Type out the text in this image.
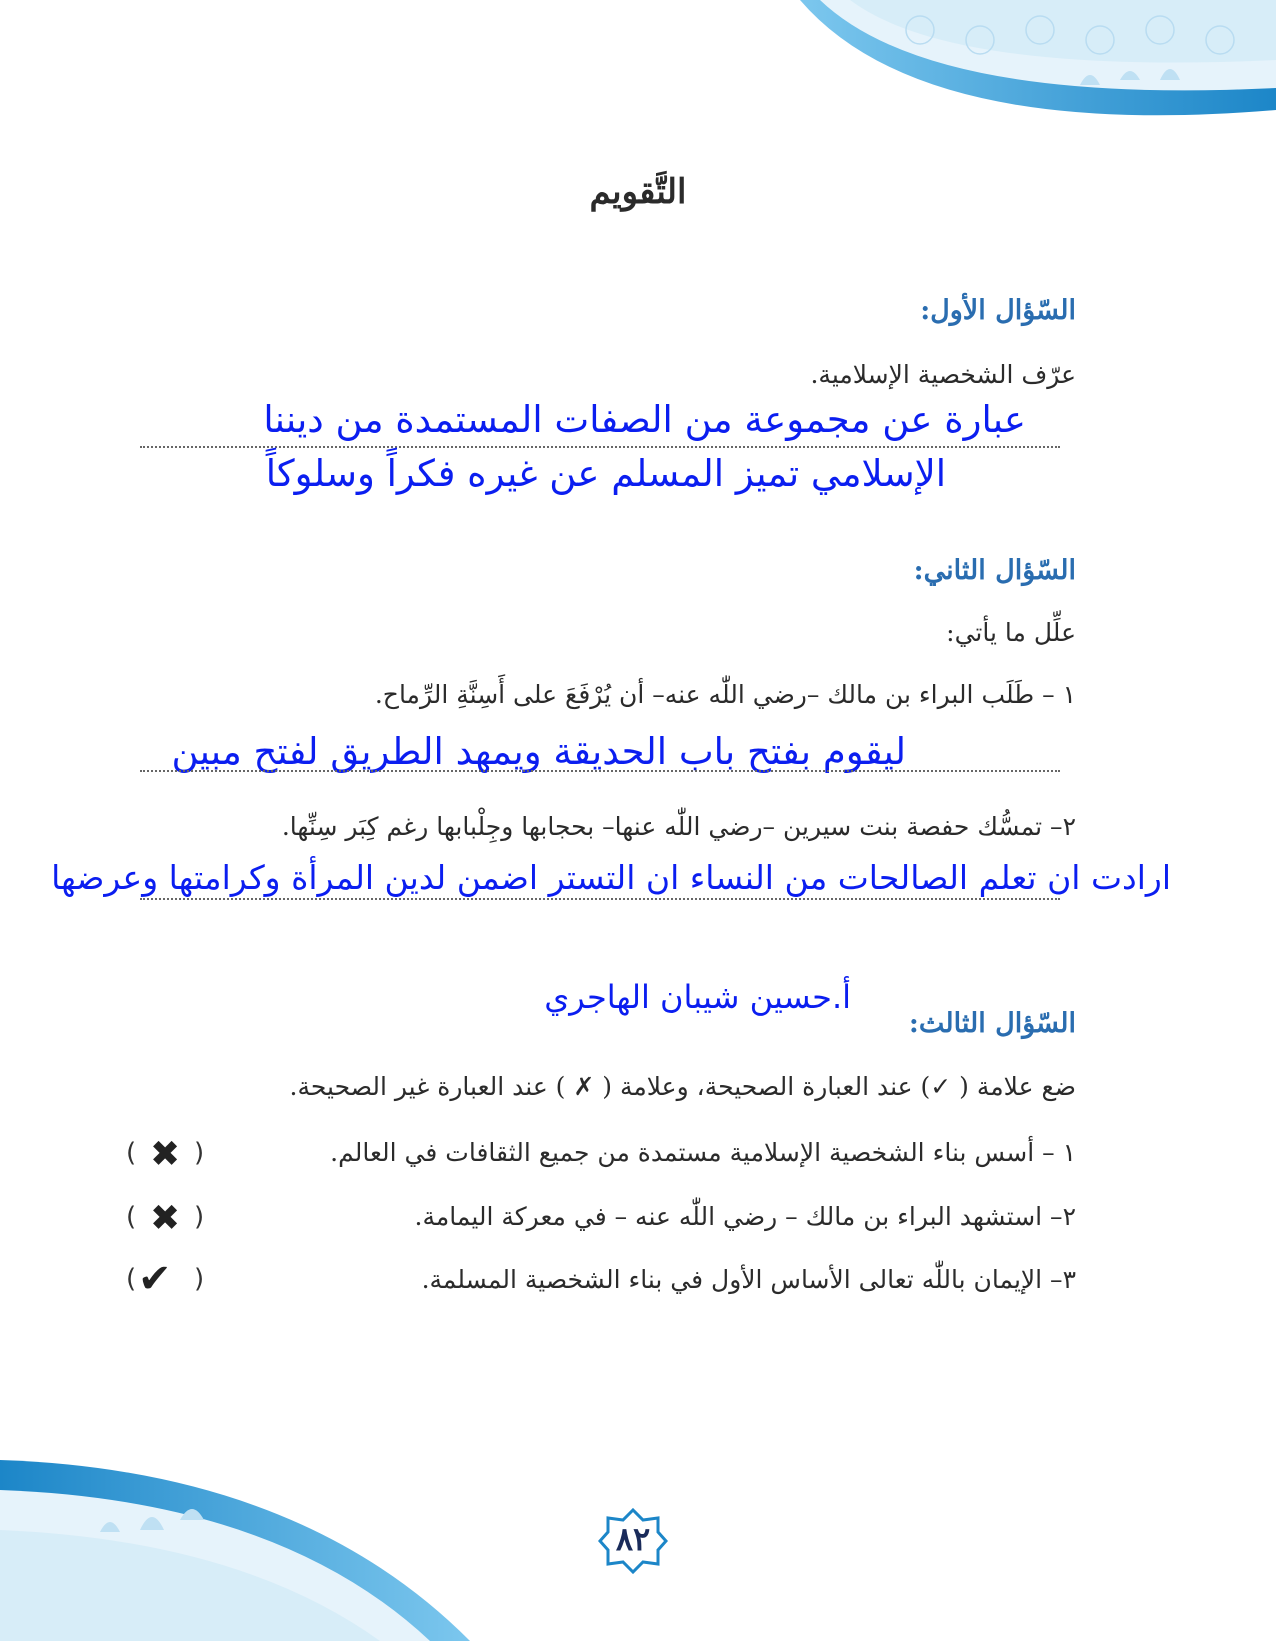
التَّقويم
السّؤال الأول:
عرّف الشخصية الإسلامية.
عبارة عن مجموعة من الصفات المستمدة من ديننا
الإسلامي تميز المسلم عن غيره فكراً وسلوكاً
السّؤال الثاني:
علِّل ما يأتي:
١ – طَلَب البراء بن مالك –رضي اللّٰه عنه– أن يُرْفَعَ على أَسِنَّةِ الرِّماح.
ليقوم بفتح باب الحديقة ويمهد الطريق لفتح مبين
٢– تمسُّك حفصة بنت سيرين –رضي اللّٰه عنها– بحجابها وجِلْبابها رغم كِبَر سِنِّها.
ارادت ان تعلم الصالحات من النساء ان التستر اضمن لدين المرأة وكرامتها وعرضها
أ.حسين شيبان الهاجري
السّؤال الثالث:
ضع علامة ( ✓) عند العبارة الصحيحة، وعلامة ( ✗ ) عند العبارة غير الصحيحة.
١ – أسس بناء الشخصية الإسلامية مستمدة من جميع الثقافات في العالم.
( ✖ )
٢– استشهد البراء بن مالك – رضي اللّٰه عنه – في معركة اليمامة.
( ✖ )
٣– الإيمان باللّٰه تعالى الأساس الأول في بناء الشخصية المسلمة.
( ✔ )
٨٢
